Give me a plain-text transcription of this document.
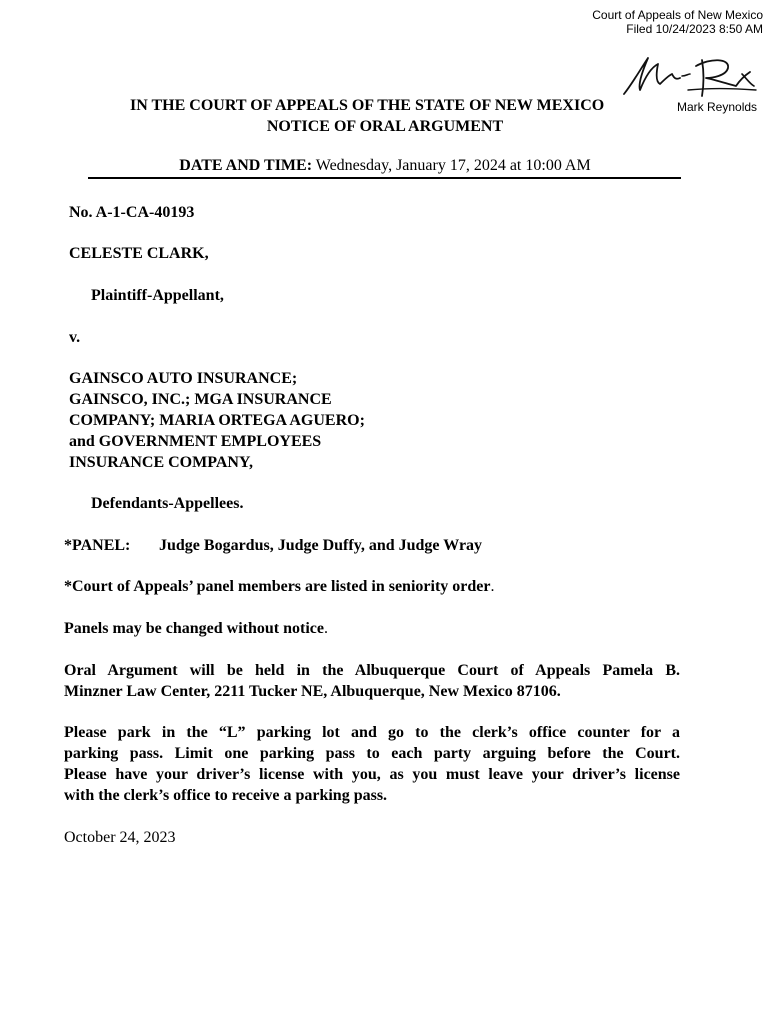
Court of Appeals of New Mexico
Filed 10/24/2023 8:50 AM
Mark Reynolds
IN THE COURT OF APPEALS OF THE STATE OF NEW MEXICO
NOTICE OF ORAL ARGUMENT
DATE AND TIME: Wednesday, January 17, 2024 at 10:00 AM
No. A-1-CA-40193
CELESTE CLARK,
Plaintiff-Appellant,
v.
GAINSCO AUTO INSURANCE;
GAINSCO, INC.; MGA INSURANCE
COMPANY; MARIA ORTEGA AGUERO;
and GOVERNMENT EMPLOYEES
INSURANCE COMPANY,
Defendants-Appellees.
*PANEL: Judge Bogardus, Judge Duffy, and Judge Wray
*Court of Appeals’ panel members are listed in seniority order.
Panels may be changed without notice.
Oral Argument will be held in the Albuquerque Court of Appeals Pamela B.
Minzner Law Center, 2211 Tucker NE, Albuquerque, New Mexico 87106.
Please park in the “L” parking lot and go to the clerk’s office counter for a
parking pass. Limit one parking pass to each party arguing before the Court.
Please have your driver’s license with you, as you must leave your driver’s license
with the clerk’s office to receive a parking pass.
October 24, 2023
